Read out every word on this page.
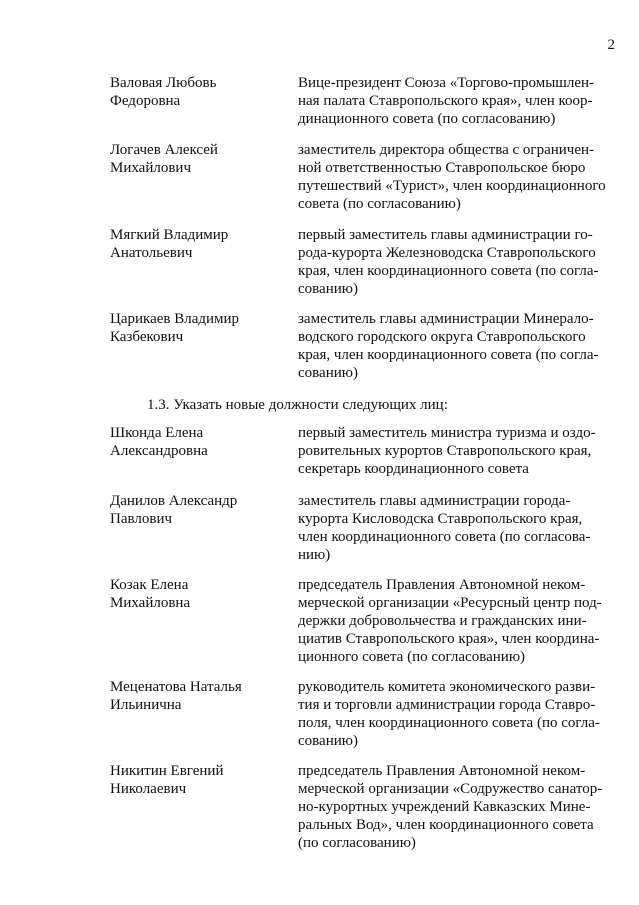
2
Валовая Любовь
Федоровна
Вице-президент Союза «Торгово-промышлен-
ная палата Ставропольского края», член коор-
динационного совета (по согласованию)
Логачев Алексей
Михайлович
заместитель директора общества с ограничен-
ной ответственностью Ставропольское бюро
путешествий «Турист», член координационного
совета (по согласованию)
Мягкий Владимир
Анатольевич
первый заместитель главы администрации го-
рода-курорта Железноводска Ставропольского
края, член координационного совета (по согла-
сованию)
Царикаев Владимир
Казбекович
заместитель главы администрации Минерало-
водского городского округа Ставропольского
края, член координационного совета (по согла-
сованию)
1.3. Указать новые должности следующих лиц:
Шконда Елена
Александровна
первый заместитель министра туризма и оздо-
ровительных курортов Ставропольского края,
секретарь координационного совета
Данилов Александр
Павлович
заместитель главы администрации города-
курорта Кисловодска Ставропольского края,
член координационного совета (по согласова-
нию)
Козак Елена
Михайловна
председатель Правления Автономной неком-
мерческой организации «Ресурсный центр под-
держки добровольчества и гражданских ини-
циатив Ставропольского края», член координа-
ционного совета (по согласованию)
Меценатова Наталья
Ильинична
руководитель комитета экономического разви-
тия и торговли администрации города Ставро-
поля, член координационного совета (по согла-
сованию)
Никитин Евгений
Николаевич
председатель Правления Автономной неком-
мерческой организации «Содружество санатор-
но-курортных учреждений Кавказских Мине-
ральных Вод», член координационного совета
(по согласованию)
